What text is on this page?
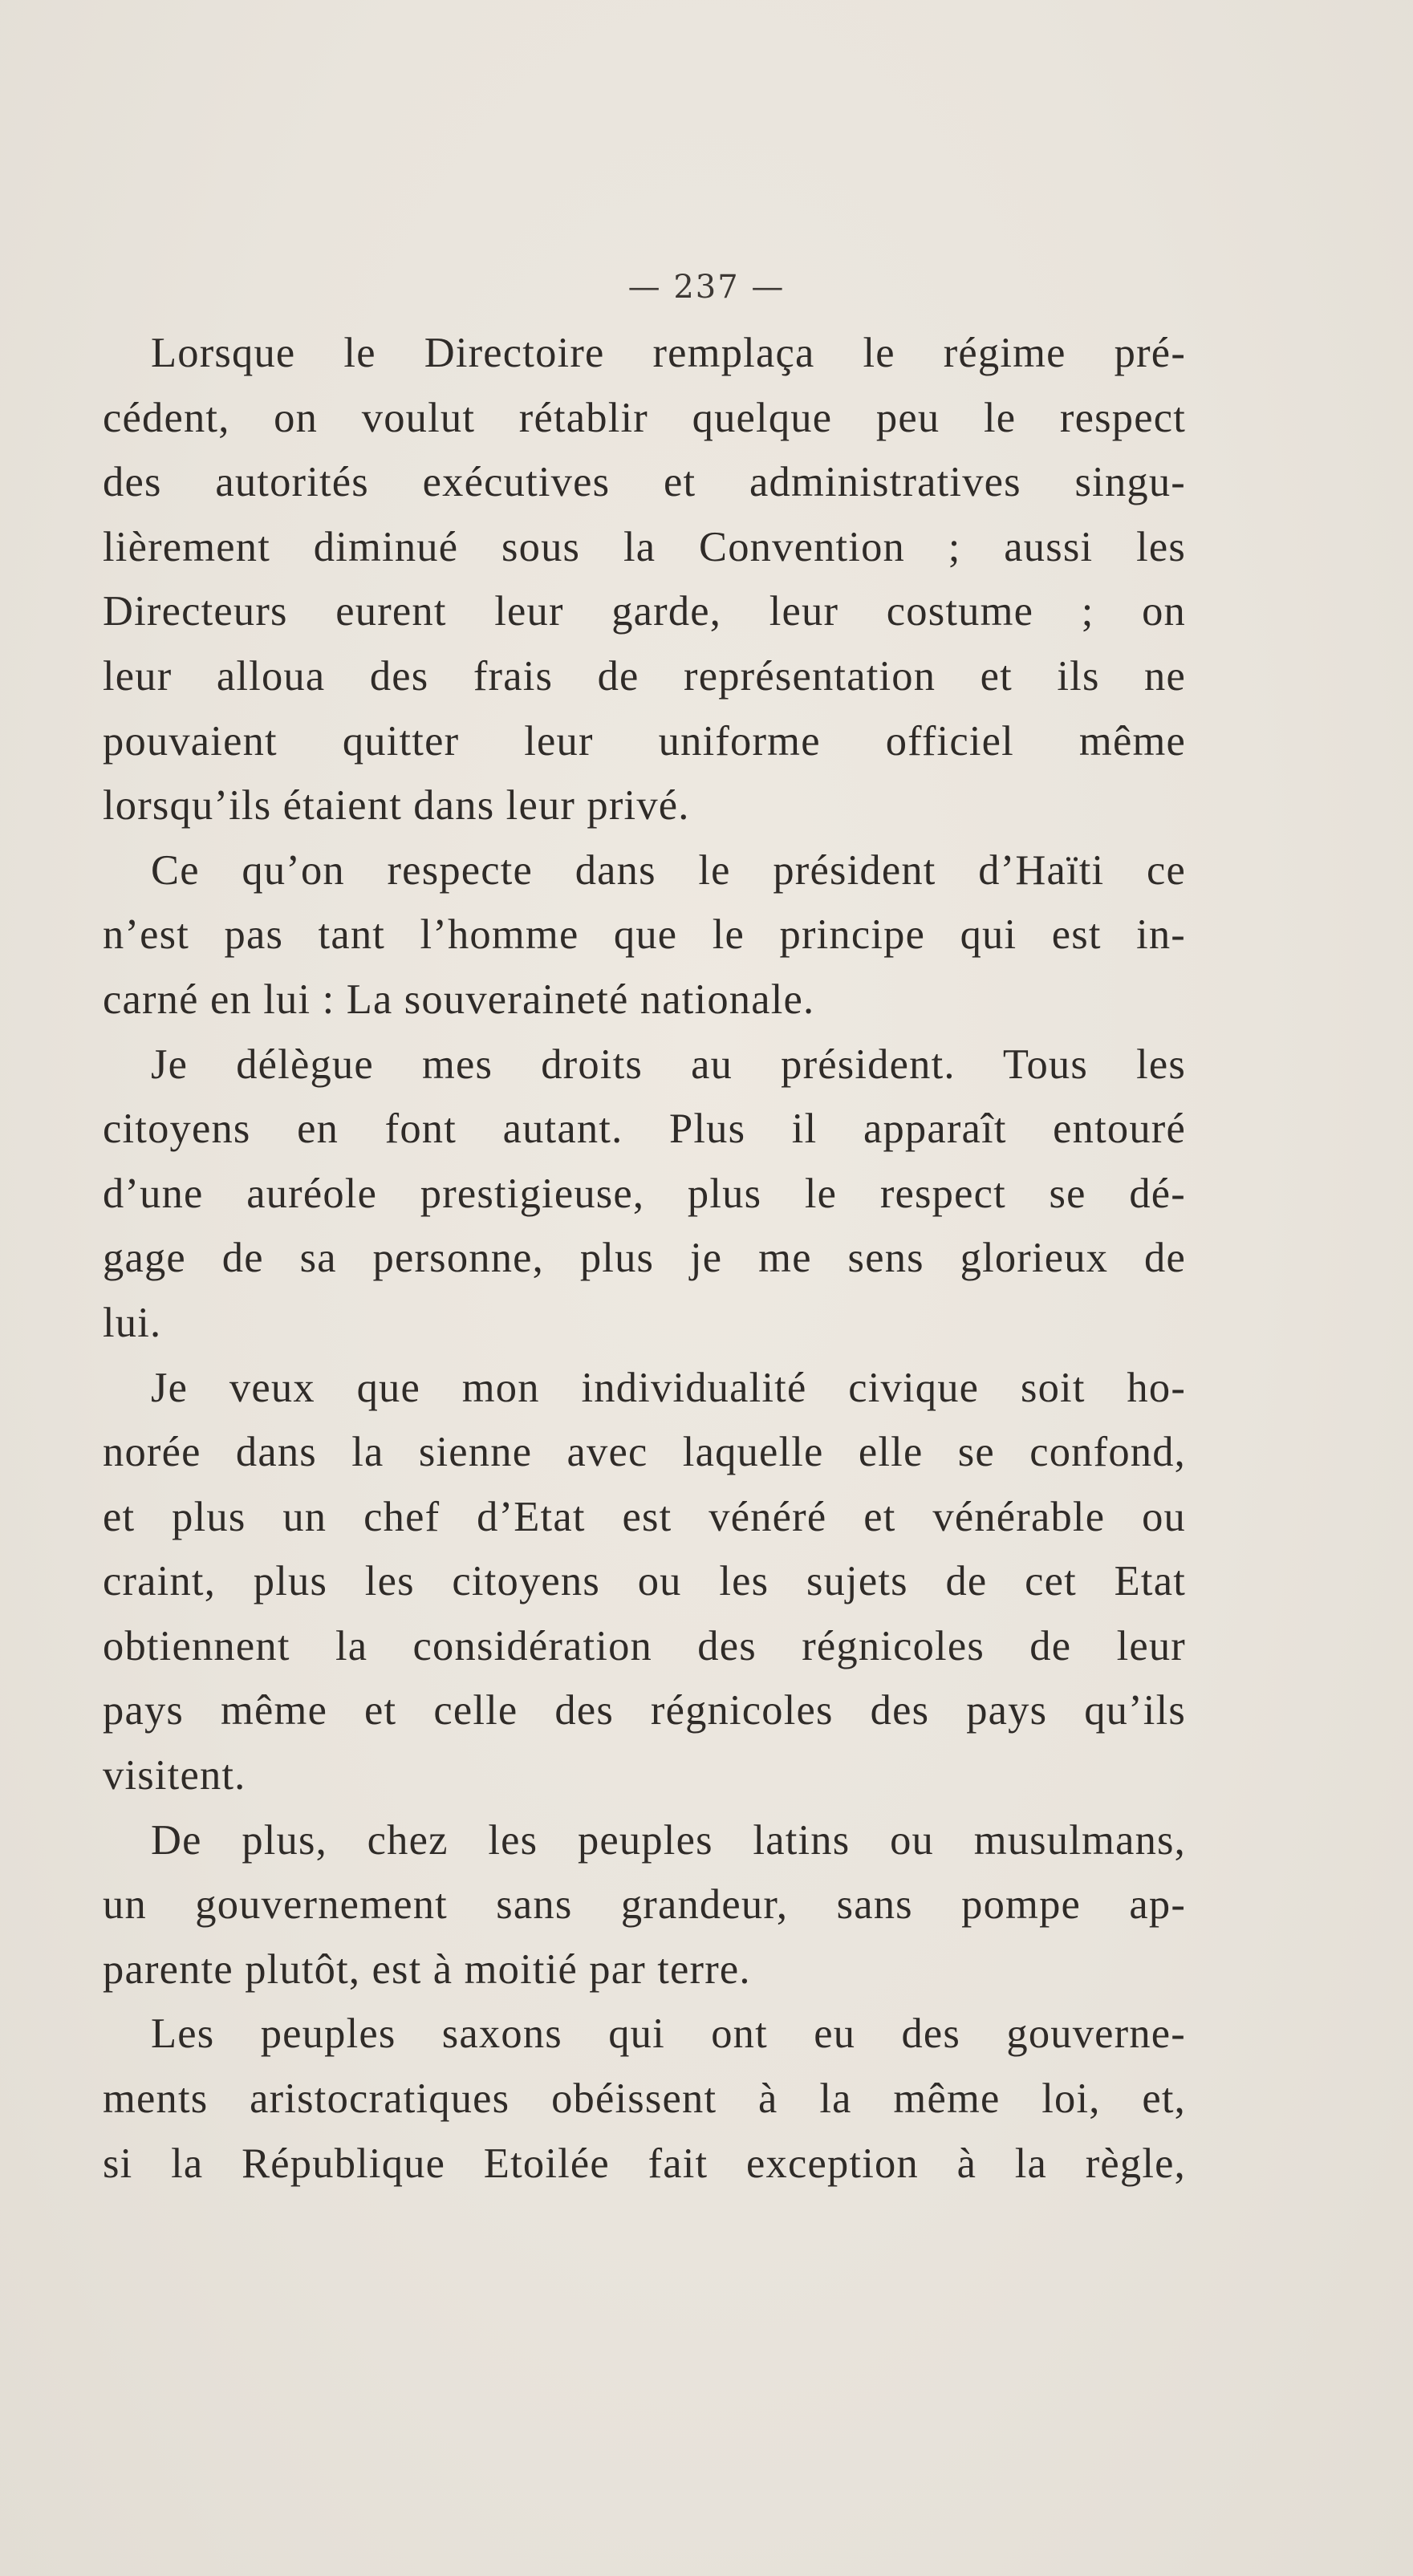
— 237 —
Lorsque le Directoire remplaça le régime pré-
cédent, on voulut rétablir quelque peu le respect
des autorités exécutives et administratives singu-
lièrement diminué sous la Convention ; aussi les
Directeurs eurent leur garde, leur costume ; on
leur alloua des frais de représentation et ils ne
pouvaient quitter leur uniforme officiel même
lorsqu’ils étaient dans leur privé.
Ce qu’on respecte dans le président d’Haïti ce
n’est pas tant l’homme que le principe qui est in-
carné en lui : La souveraineté nationale.
Je délègue mes droits au président. Tous les
citoyens en font autant. Plus il apparaît entouré
d’une auréole prestigieuse, plus le respect se dé-
gage de sa personne, plus je me sens glorieux de
lui.
Je veux que mon individualité civique soit ho-
norée dans la sienne avec laquelle elle se confond,
et plus un chef d’Etat est vénéré et vénérable ou
craint, plus les citoyens ou les sujets de cet Etat
obtiennent la considération des régnicoles de leur
pays même et celle des régnicoles des pays qu’ils
visitent.
De plus, chez les peuples latins ou musulmans,
un gouvernement sans grandeur, sans pompe ap-
parente plutôt, est à moitié par terre.
Les peuples saxons qui ont eu des gouverne-
ments aristocratiques obéissent à la même loi, et,
si la République Etoilée fait exception à la règle,
